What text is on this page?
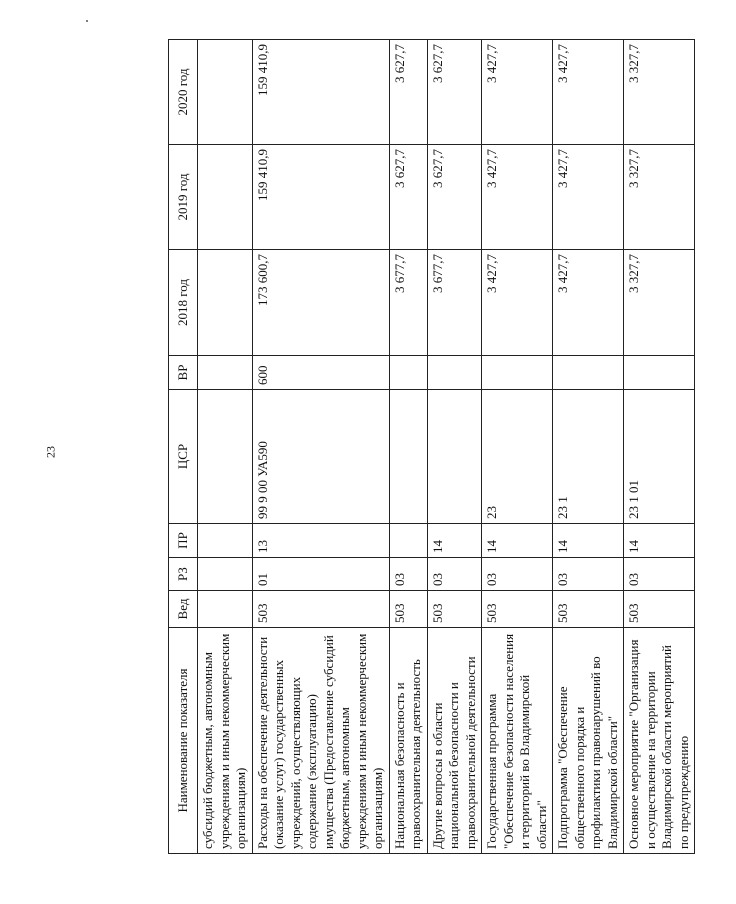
23
Наименование показателя	Вед	РЗ	ПР	ЦСР	ВР	2018 год	2019 год	2020 год
субсидий бюджетным, автономным учреждениям и иным некоммерческим организациям)								
Расходы на обеспечение деятельности (оказание услуг) государственных учреждений, осуществляющих содержание (эксплуатацию) имущества (Предоставление субсидий бюджетным, автономным учреждениям и иным некоммерческим организациям)	503	01	13	99 9 00 УА590	600	173 600,7	159 410,9	159 410,9
Национальная безопасность и правоохранительная деятельность	503	03				3 677,7	3 627,7	3 627,7
Другие вопросы в области национальной безопасности и правоохранительной деятельности	503	03	14			3 677,7	3 627,7	3 627,7
Государственная программа "Обеспечение безопасности населения и территорий во Владимирской области"	503	03	14	23		3 427,7	3 427,7	3 427,7
Подпрограмма "Обеспечение общественного порядка и профилактики правонарушений во Владимирской области"	503	03	14	23 1		3 427,7	3 427,7	3 427,7
Основное мероприятие "Организация и осуществление на территории Владимирской области мероприятий по предупреждению	503	03	14	23 1 01		3 327,7	3 327,7	3 327,7
